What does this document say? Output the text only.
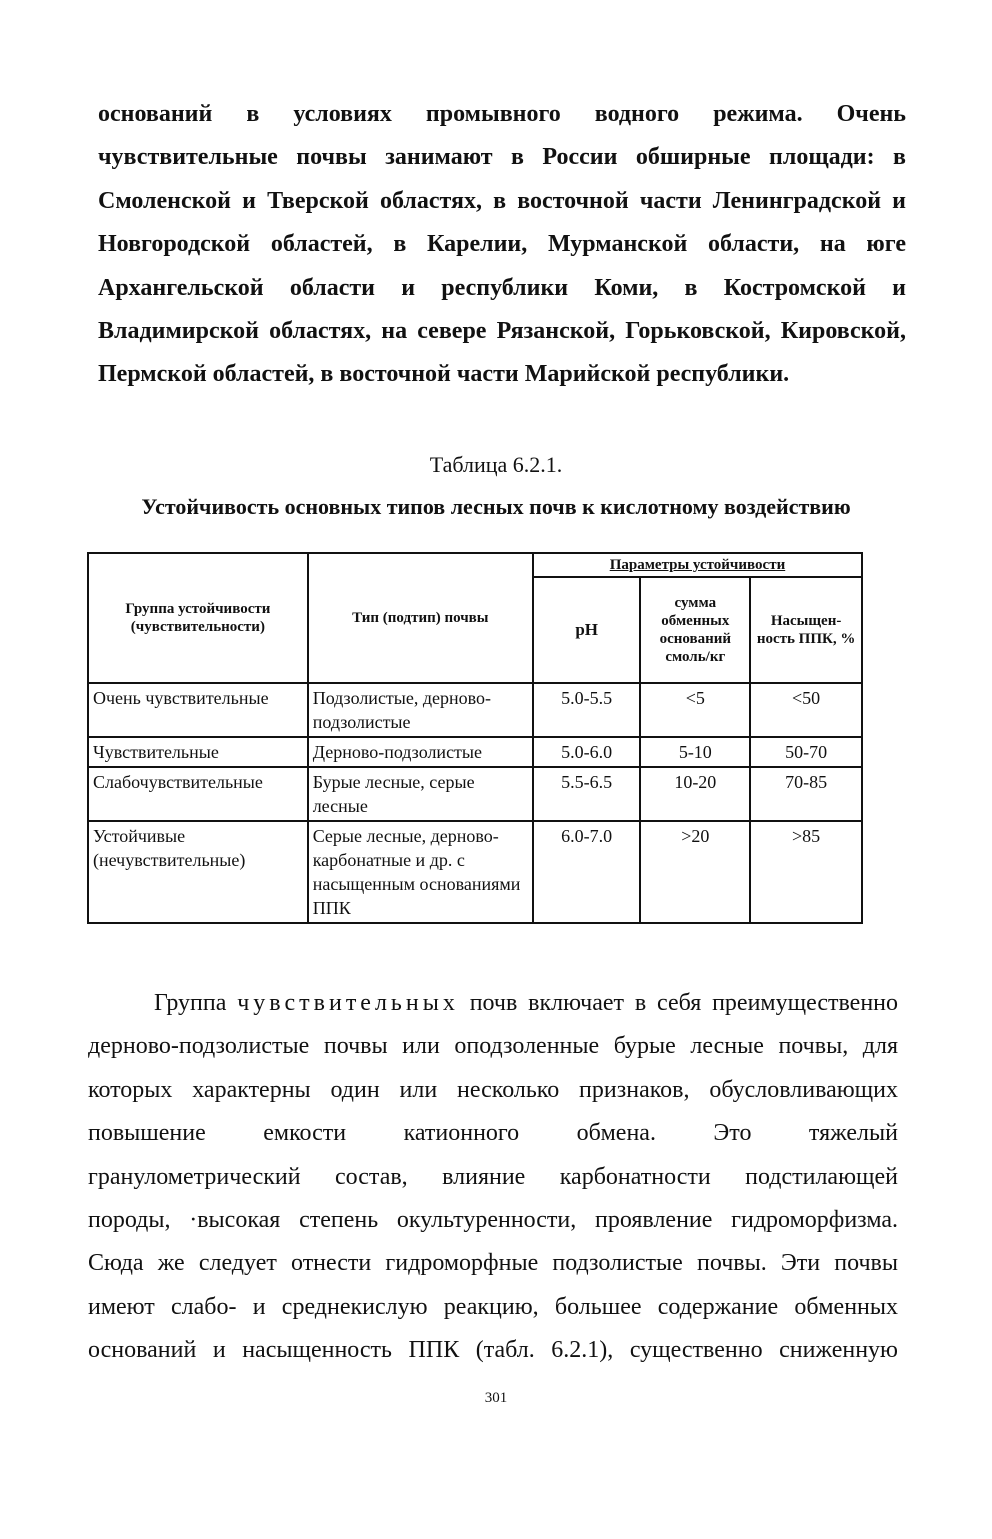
оснований в условиях промывного водного режима. Очень
чувствительные почвы занимают в России обширные площади: в
Смоленской и Тверской областях, в восточной части Ленинградской и
Новгородской областей, в Карелии, Мурманской области, на юге
Архангельской области и республики Коми, в Костромской и
Владимирской областях, на севере Рязанской, Горьковской, Кировской,
Пермской областей, в восточной части Марийской республики.

Таблица 6.2.1.

Устойчивость основных типов лесных почв к кислотному воздействию

Группа устойчивости (чувствительности)	Тип (подтип) почвы	Параметры устойчивости		
		pH	сумма обменных оснований смоль/кг	Насыщен-ность ППК, %
Очень чувствительные	Подзолистые, дерново-подзолистые	5.0-5.5	<5	<50
Чувствительные	Дерново-подзолистые	5.0-6.0	5-10	50-70
Слабочувствительные	Бурые лесные, серые лесные	5.5-6.5	10-20	70-85
Устойчивые (нечувствительные)	Серые лесные, дерново-карбонатные и др. с насыщенным основаниями ППК	6.0-7.0	>20	>85
Группа чувствительных почв включает в себя преимущественно
дерново-подзолистые почвы или оподзоленные бурые лесные почвы, для
которых характерны один или несколько признаков, обусловливающих
повышение емкости катионного обмена. Это тяжелый
гранулометрический состав, влияние карбонатности подстилающей
породы, ·высокая степень окультуренности, проявление гидроморфизма.
Сюда же следует отнести гидроморфные подзолистые почвы. Эти почвы
имеют слабо- и среднекислую реакцию, большее содержание обменных
оснований и насыщенность ППК (табл. 6.2.1), существенно сниженную
301
